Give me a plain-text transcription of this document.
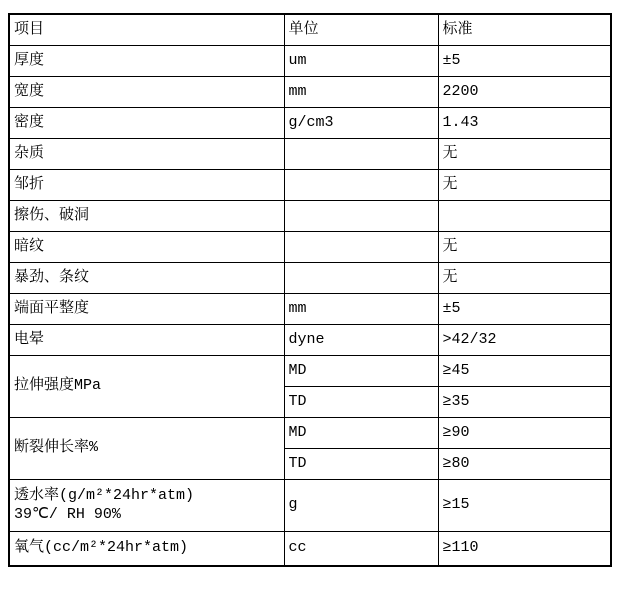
项目	单位	标准
厚度	um	±5
宽度	mm	2200
密度	g/cm3	1.43
杂质		无
邹折		无
擦伤、破洞		
暗纹		无
暴劲、条纹		无
端面平整度	mm	±5
电晕	dyne	>42/32
拉伸强度MPa	MD	≥45
	TD	≥35
断裂伸长率%	MD	≥90
	TD	≥80

透水率(g/m²*24hr*atm)
39℃/ RH 90%	g	≥15
氧气(cc/m²*24hr*atm)	cc	≥110
